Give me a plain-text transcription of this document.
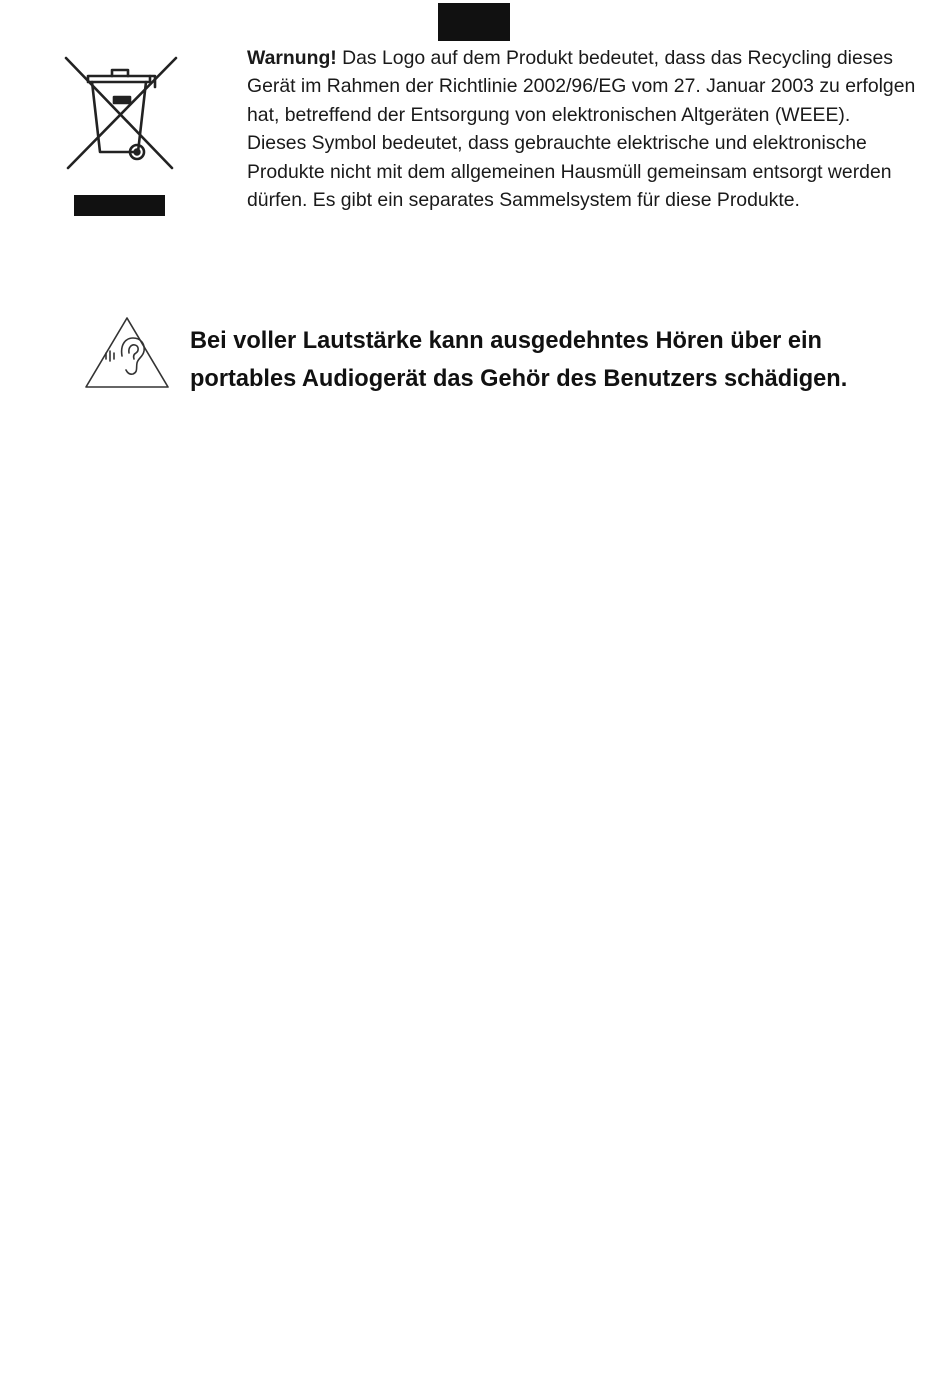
Warnung! Das Logo auf dem Produkt bedeutet, dass das Recycling dieses Gerät im Rahmen der Richtlinie 2002/96/EG vom 27. Januar 2003 zu erfolgen hat, betreffend der Entsorgung von elektronischen Altgeräten (WEEE).

Dieses Symbol bedeutet, dass gebrauchte elektrische und elektronische Produkte nicht mit dem allgemeinen Hausmüll gemeinsam entsorgt werden dürfen. Es gibt ein separates Sammelsystem für diese Produkte.

Bei voller Lautstärke kann ausgedehntes Hören über ein

portables Audiogerät das Gehör des Benutzers schädigen.
